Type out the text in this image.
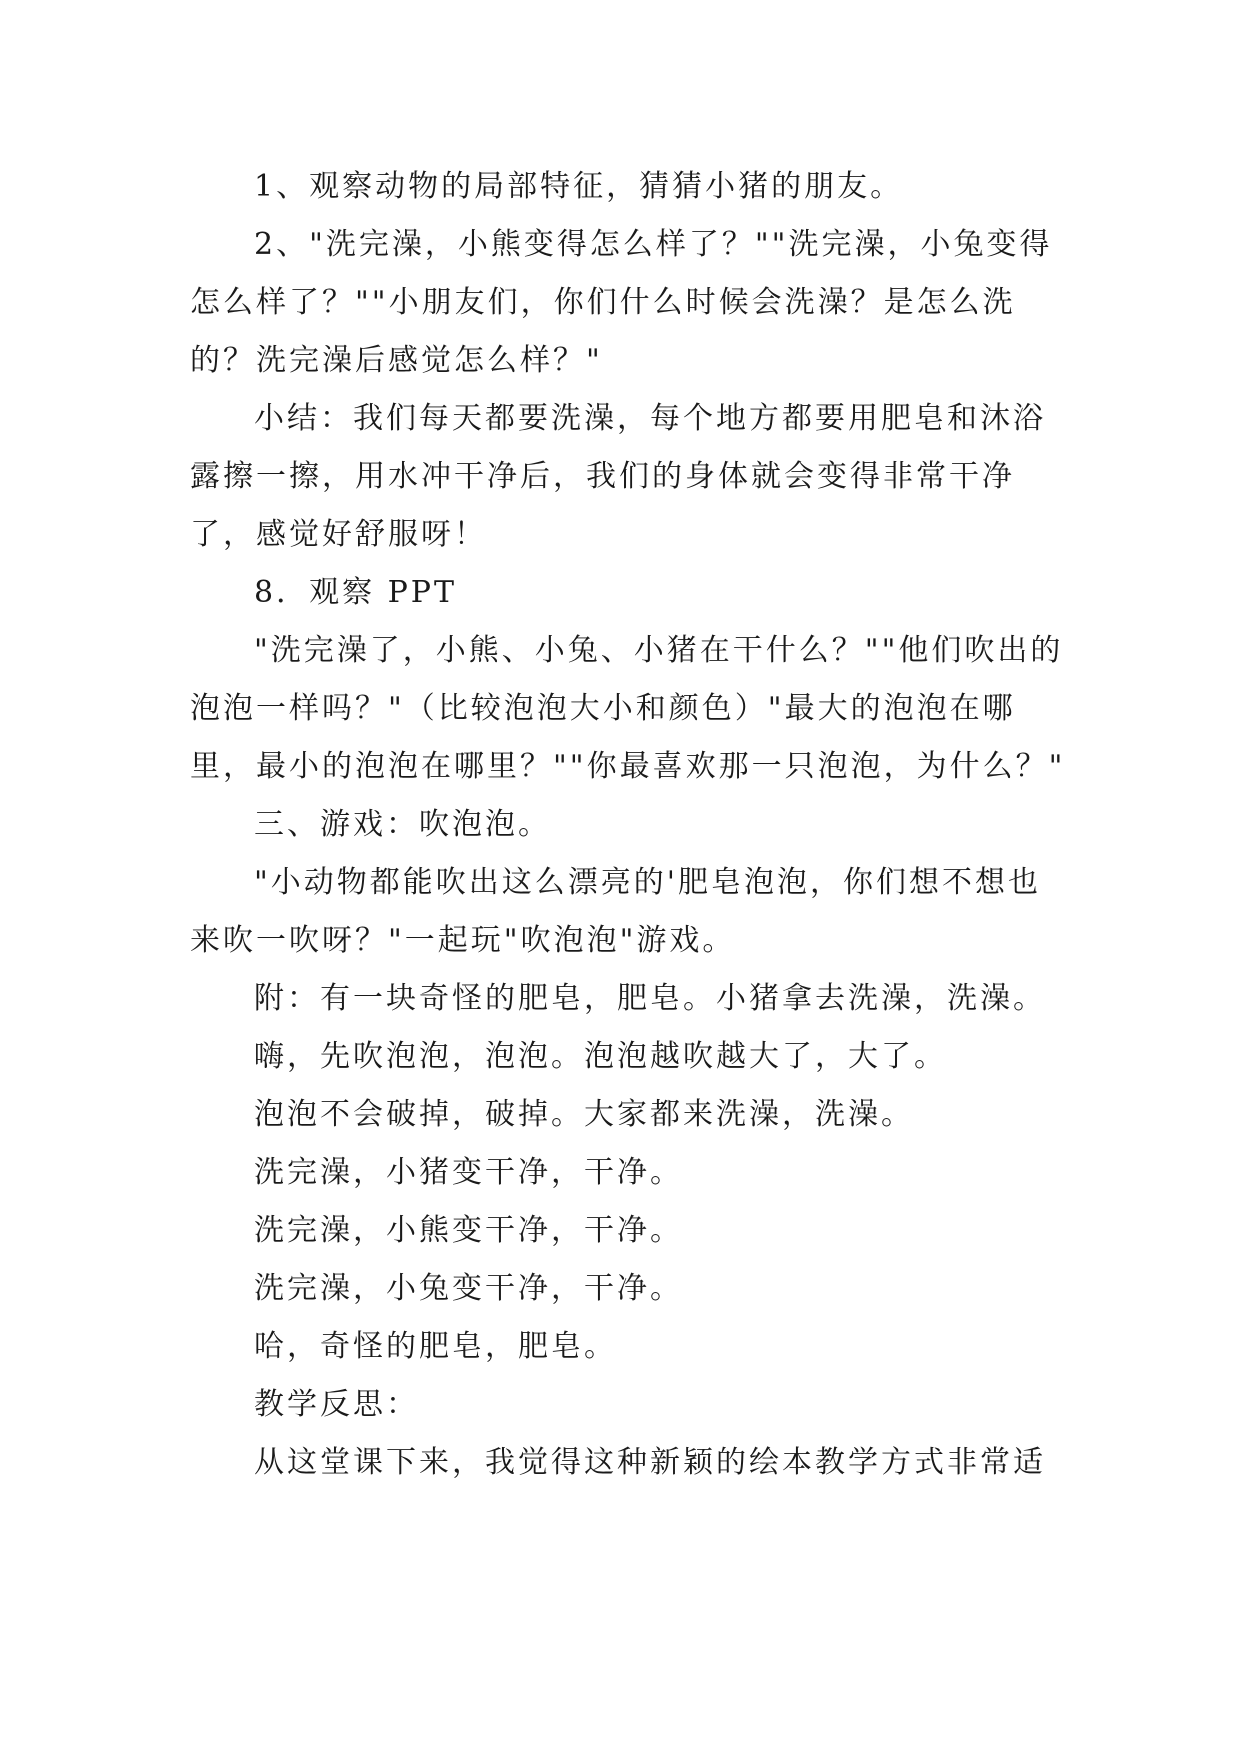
1、观察动物的局部特征，猜猜小猪的朋友。

2、"洗完澡，小熊变得怎么样了？""洗完澡，小兔变得怎么样了？""小朋友们，你们什么时候会洗澡？是怎么洗的？洗完澡后感觉怎么样？"

小结：我们每天都要洗澡，每个地方都要用肥皂和沐浴露擦一擦，用水冲干净后，我们的身体就会变得非常干净了，感觉好舒服呀！

8．观察 PPT

"洗完澡了，小熊、小兔、小猪在干什么？""他们吹出的泡泡一样吗？"（比较泡泡大小和颜色）"最大的泡泡在哪里，最小的泡泡在哪里？""你最喜欢那一只泡泡，为什么？"

三、游戏：吹泡泡。

"小动物都能吹出这么漂亮的'肥皂泡泡，你们想不想也来吹一吹呀？"一起玩"吹泡泡"游戏。

附：有一块奇怪的肥皂，肥皂。小猪拿去洗澡，洗澡。

嗨，先吹泡泡，泡泡。泡泡越吹越大了，大了。

泡泡不会破掉，破掉。大家都来洗澡，洗澡。

洗完澡，小猪变干净，干净。

洗完澡，小熊变干净，干净。

洗完澡，小兔变干净，干净。

哈，奇怪的肥皂，肥皂。

教学反思：

从这堂课下来，我觉得这种新颖的绘本教学方式非常适
